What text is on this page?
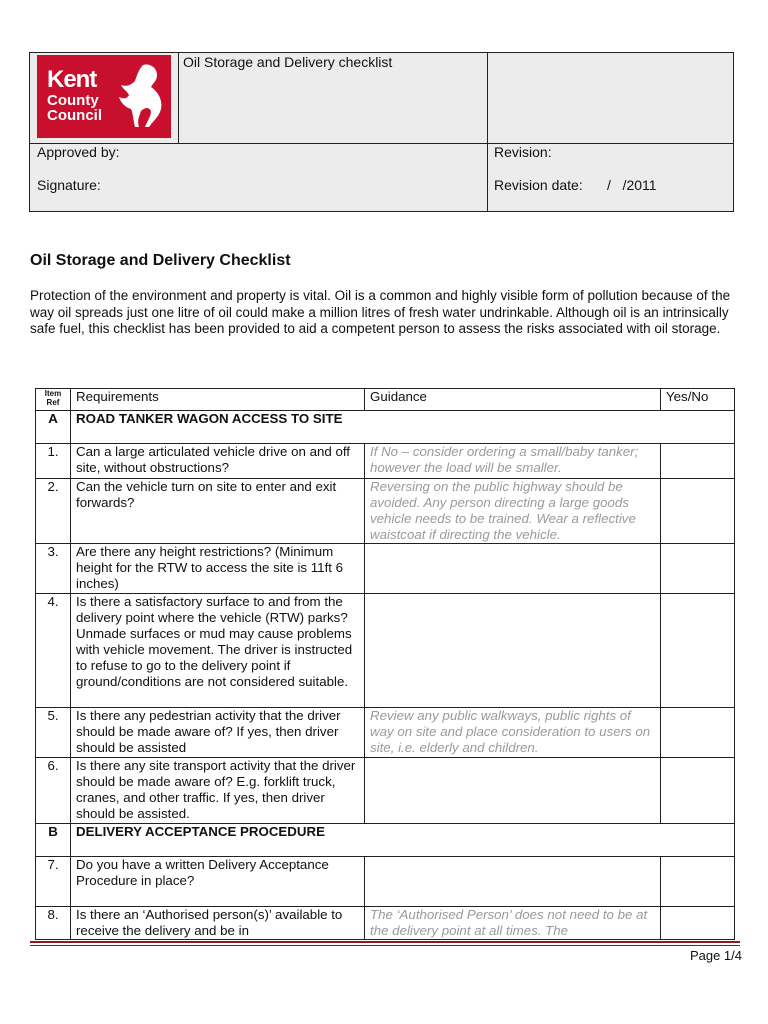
Kent
County
Council
Oil Storage and Delivery checklist
Approved by:
Signature:
Revision:
Revision date: /   /2011
Oil Storage and Delivery Checklist
Protection of the environment and property is vital. Oil is a common and highly visible form of pollution because of the way oil spreads just one litre of oil could make a million litres of fresh water undrinkable. Although oil is an intrinsically safe fuel, this checklist has been provided to aid a competent person to assess the risks associated with oil storage.
Item Ref	Requirements	Guidance	Yes/No
A	ROAD TANKER WAGON ACCESS TO SITE		
1.	Can a large articulated vehicle drive on and off site, without obstructions?	If No – consider ordering a small/baby tanker; however the load will be smaller.	
2.	Can the vehicle turn on site to enter and exit forwards?	Reversing on the public highway should be avoided. Any person directing a large goods vehicle needs to be trained. Wear a reflective waistcoat if directing the vehicle.	
3.	Are there any height restrictions? (Minimum height for the RTW to access the site is 11ft 6 inches)		
4.	Is there a satisfactory surface to and from the delivery point where the vehicle (RTW) parks? Unmade surfaces or mud may cause problems with vehicle movement. The driver is instructed to refuse to go to the delivery point if ground/conditions are not considered suitable.		
5.	Is there any pedestrian activity that the driver should be made aware of? If yes, then driver should be assisted	Review any public walkways, public rights of way on site and place consideration to users on site, i.e. elderly and children.	
6.	Is there any site transport activity that the driver should be made aware of? E.g. forklift truck, cranes, and other traffic. If yes, then driver should be assisted.		
B	DELIVERY ACCEPTANCE PROCEDURE		
7.	Do you have a written Delivery Acceptance Procedure in place?		
8.	Is there an ‘Authorised person(s)’ available to receive the delivery and be in	The ‘Authorised Person’ does not need to be at the delivery point at all times. The	
Page 1/4
